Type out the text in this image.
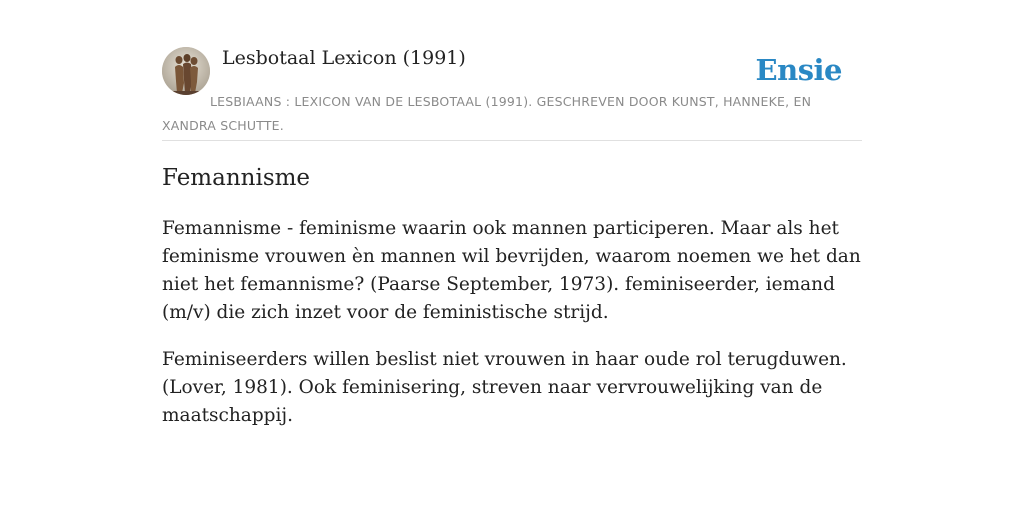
Lesbotaal Lexicon (1991)	Ensie
LESBIAANS : LEXICON VAN DE LESBOTAAL (1991). GESCHREVEN DOOR KUNST, HANNEKE, EN XANDRA SCHUTTE.
Femannisme

Femannisme - feminisme waarin ook mannen participeren. Maar als het feminisme vrouwen èn mannen wil bevrijden, waarom noemen we het dan niet het femannisme? (Paarse September, 1973). feminiseerder, iemand (m/v) die zich inzet voor de feministische strijd.

Feminiseerders willen beslist niet vrouwen in haar oude rol terugduwen. (Lover, 1981). Ook feminisering, streven naar vervrouwelijking van de maatschappij.
